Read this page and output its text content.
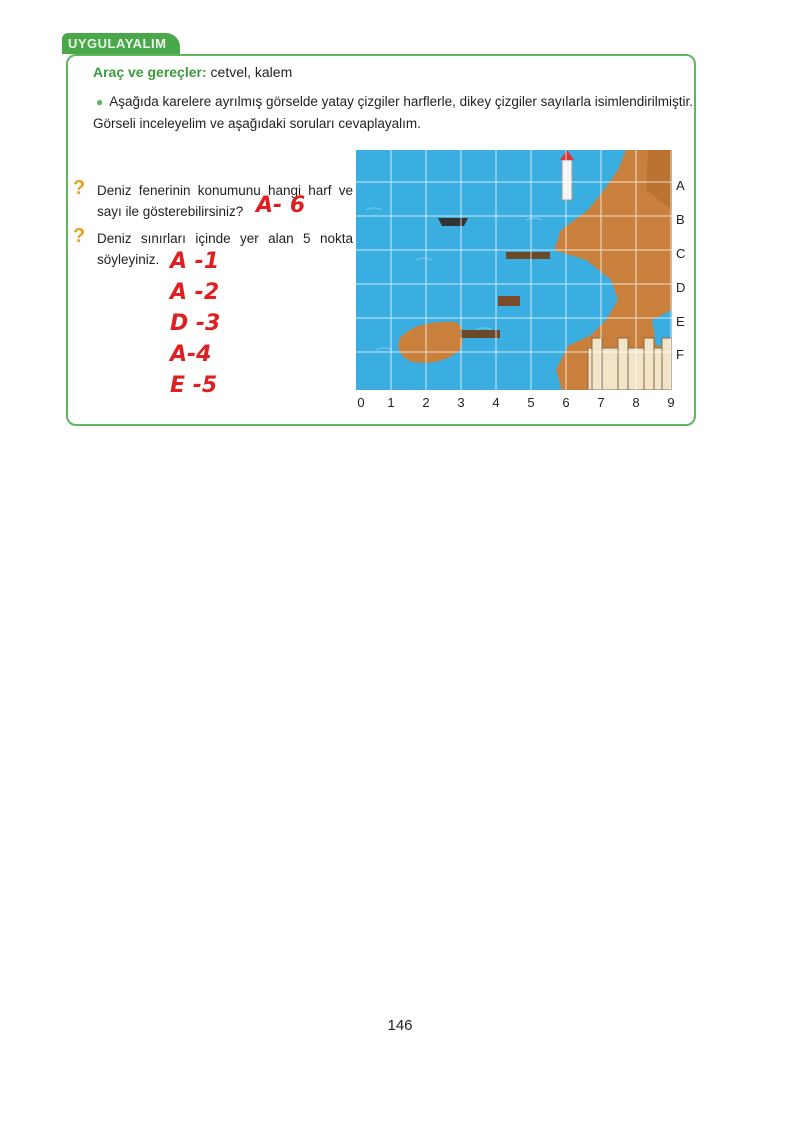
UYGULAYALIM
Araç ve gereçler: cetvel, kalem
● Aşağıda karelere ayrılmış görselde yatay çizgiler harflerle, dikey çizgiler sayılarla isimlendirilmiştir. Görseli inceleyelim ve aşağıdaki soruları cevaplayalım.
? Deniz fenerinin konumunu hangi harf ve sayı ile gösterebilirsiniz? A- 6
? Deniz sınırları içinde yer alan 5 nokta söyleyiniz. A -1
A -2
D -3
A-4
E -5
A
B
C
D
E
F
0 1 2 3 4 5 6 7 8 9
146
